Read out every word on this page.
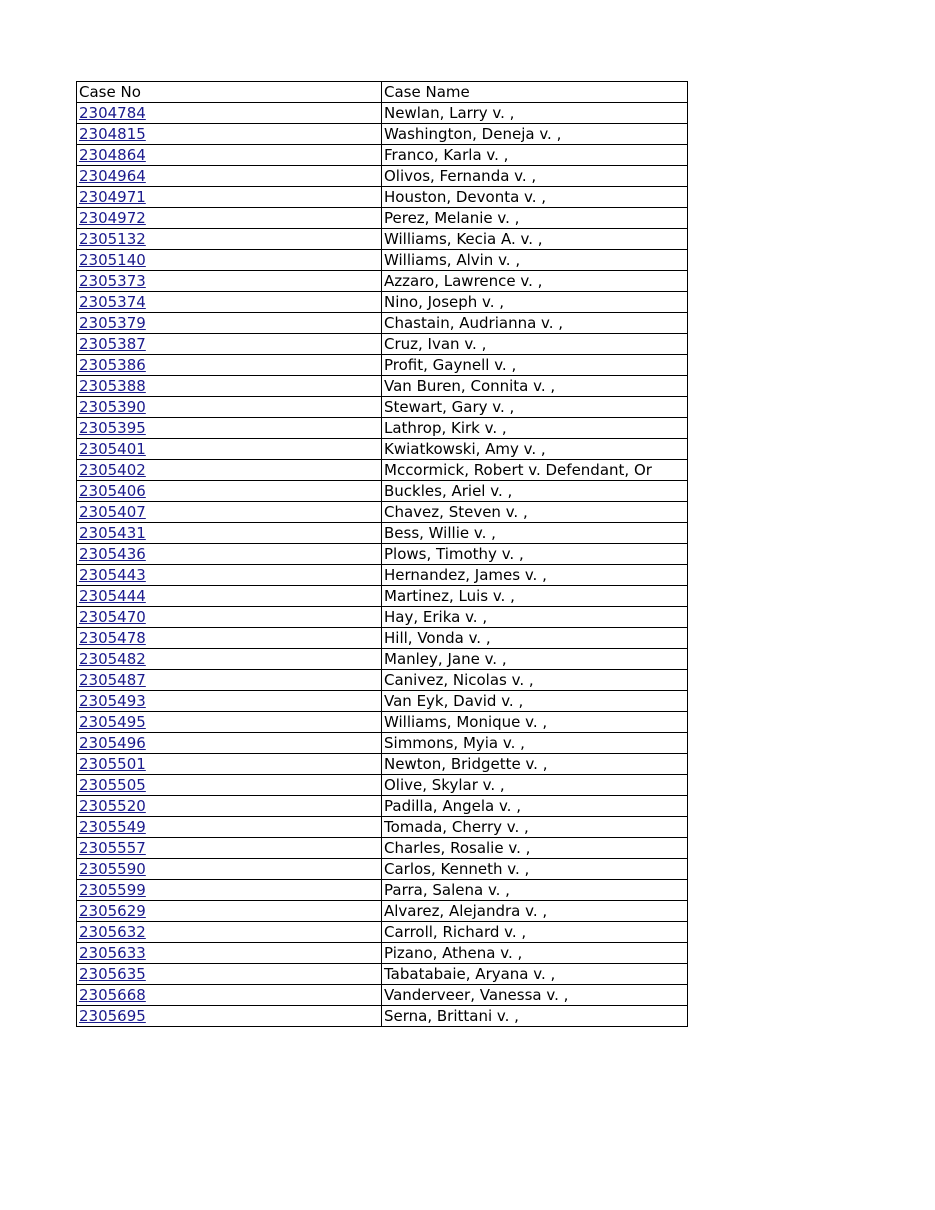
Case No	Case Name
2304784	Newlan, Larry v. ,
2304815	Washington, Deneja v. ,
2304864	Franco, Karla v. ,
2304964	Olivos, Fernanda v. ,
2304971	Houston, Devonta v. ,
2304972	Perez, Melanie v. ,
2305132	Williams, Kecia A. v. ,
2305140	Williams, Alvin v. ,
2305373	Azzaro, Lawrence v. ,
2305374	Nino, Joseph v. ,
2305379	Chastain, Audrianna v. ,
2305387	Cruz, Ivan v. ,
2305386	Profit, Gaynell v. ,
2305388	Van Buren, Connita v. ,
2305390	Stewart, Gary v. ,
2305395	Lathrop, Kirk v. ,
2305401	Kwiatkowski, Amy v. ,
2305402	Mccormick, Robert v. Defendant, Or
2305406	Buckles, Ariel v. ,
2305407	Chavez, Steven v. ,
2305431	Bess, Willie v. ,
2305436	Plows, Timothy v. ,
2305443	Hernandez, James v. ,
2305444	Martinez, Luis v. ,
2305470	Hay, Erika v. ,
2305478	Hill, Vonda v. ,
2305482	Manley, Jane v. ,
2305487	Canivez, Nicolas v. ,
2305493	Van Eyk, David v. ,
2305495	Williams, Monique v. ,
2305496	Simmons, Myia v. ,
2305501	Newton, Bridgette v. ,
2305505	Olive, Skylar v. ,
2305520	Padilla, Angela v. ,
2305549	Tomada, Cherry v. ,
2305557	Charles, Rosalie v. ,
2305590	Carlos, Kenneth v. ,
2305599	Parra, Salena v. ,
2305629	Alvarez, Alejandra v. ,
2305632	Carroll, Richard v. ,
2305633	Pizano, Athena v. ,
2305635	Tabatabaie, Aryana v. ,
2305668	Vanderveer, Vanessa v. ,
2305695	Serna, Brittani v. ,
